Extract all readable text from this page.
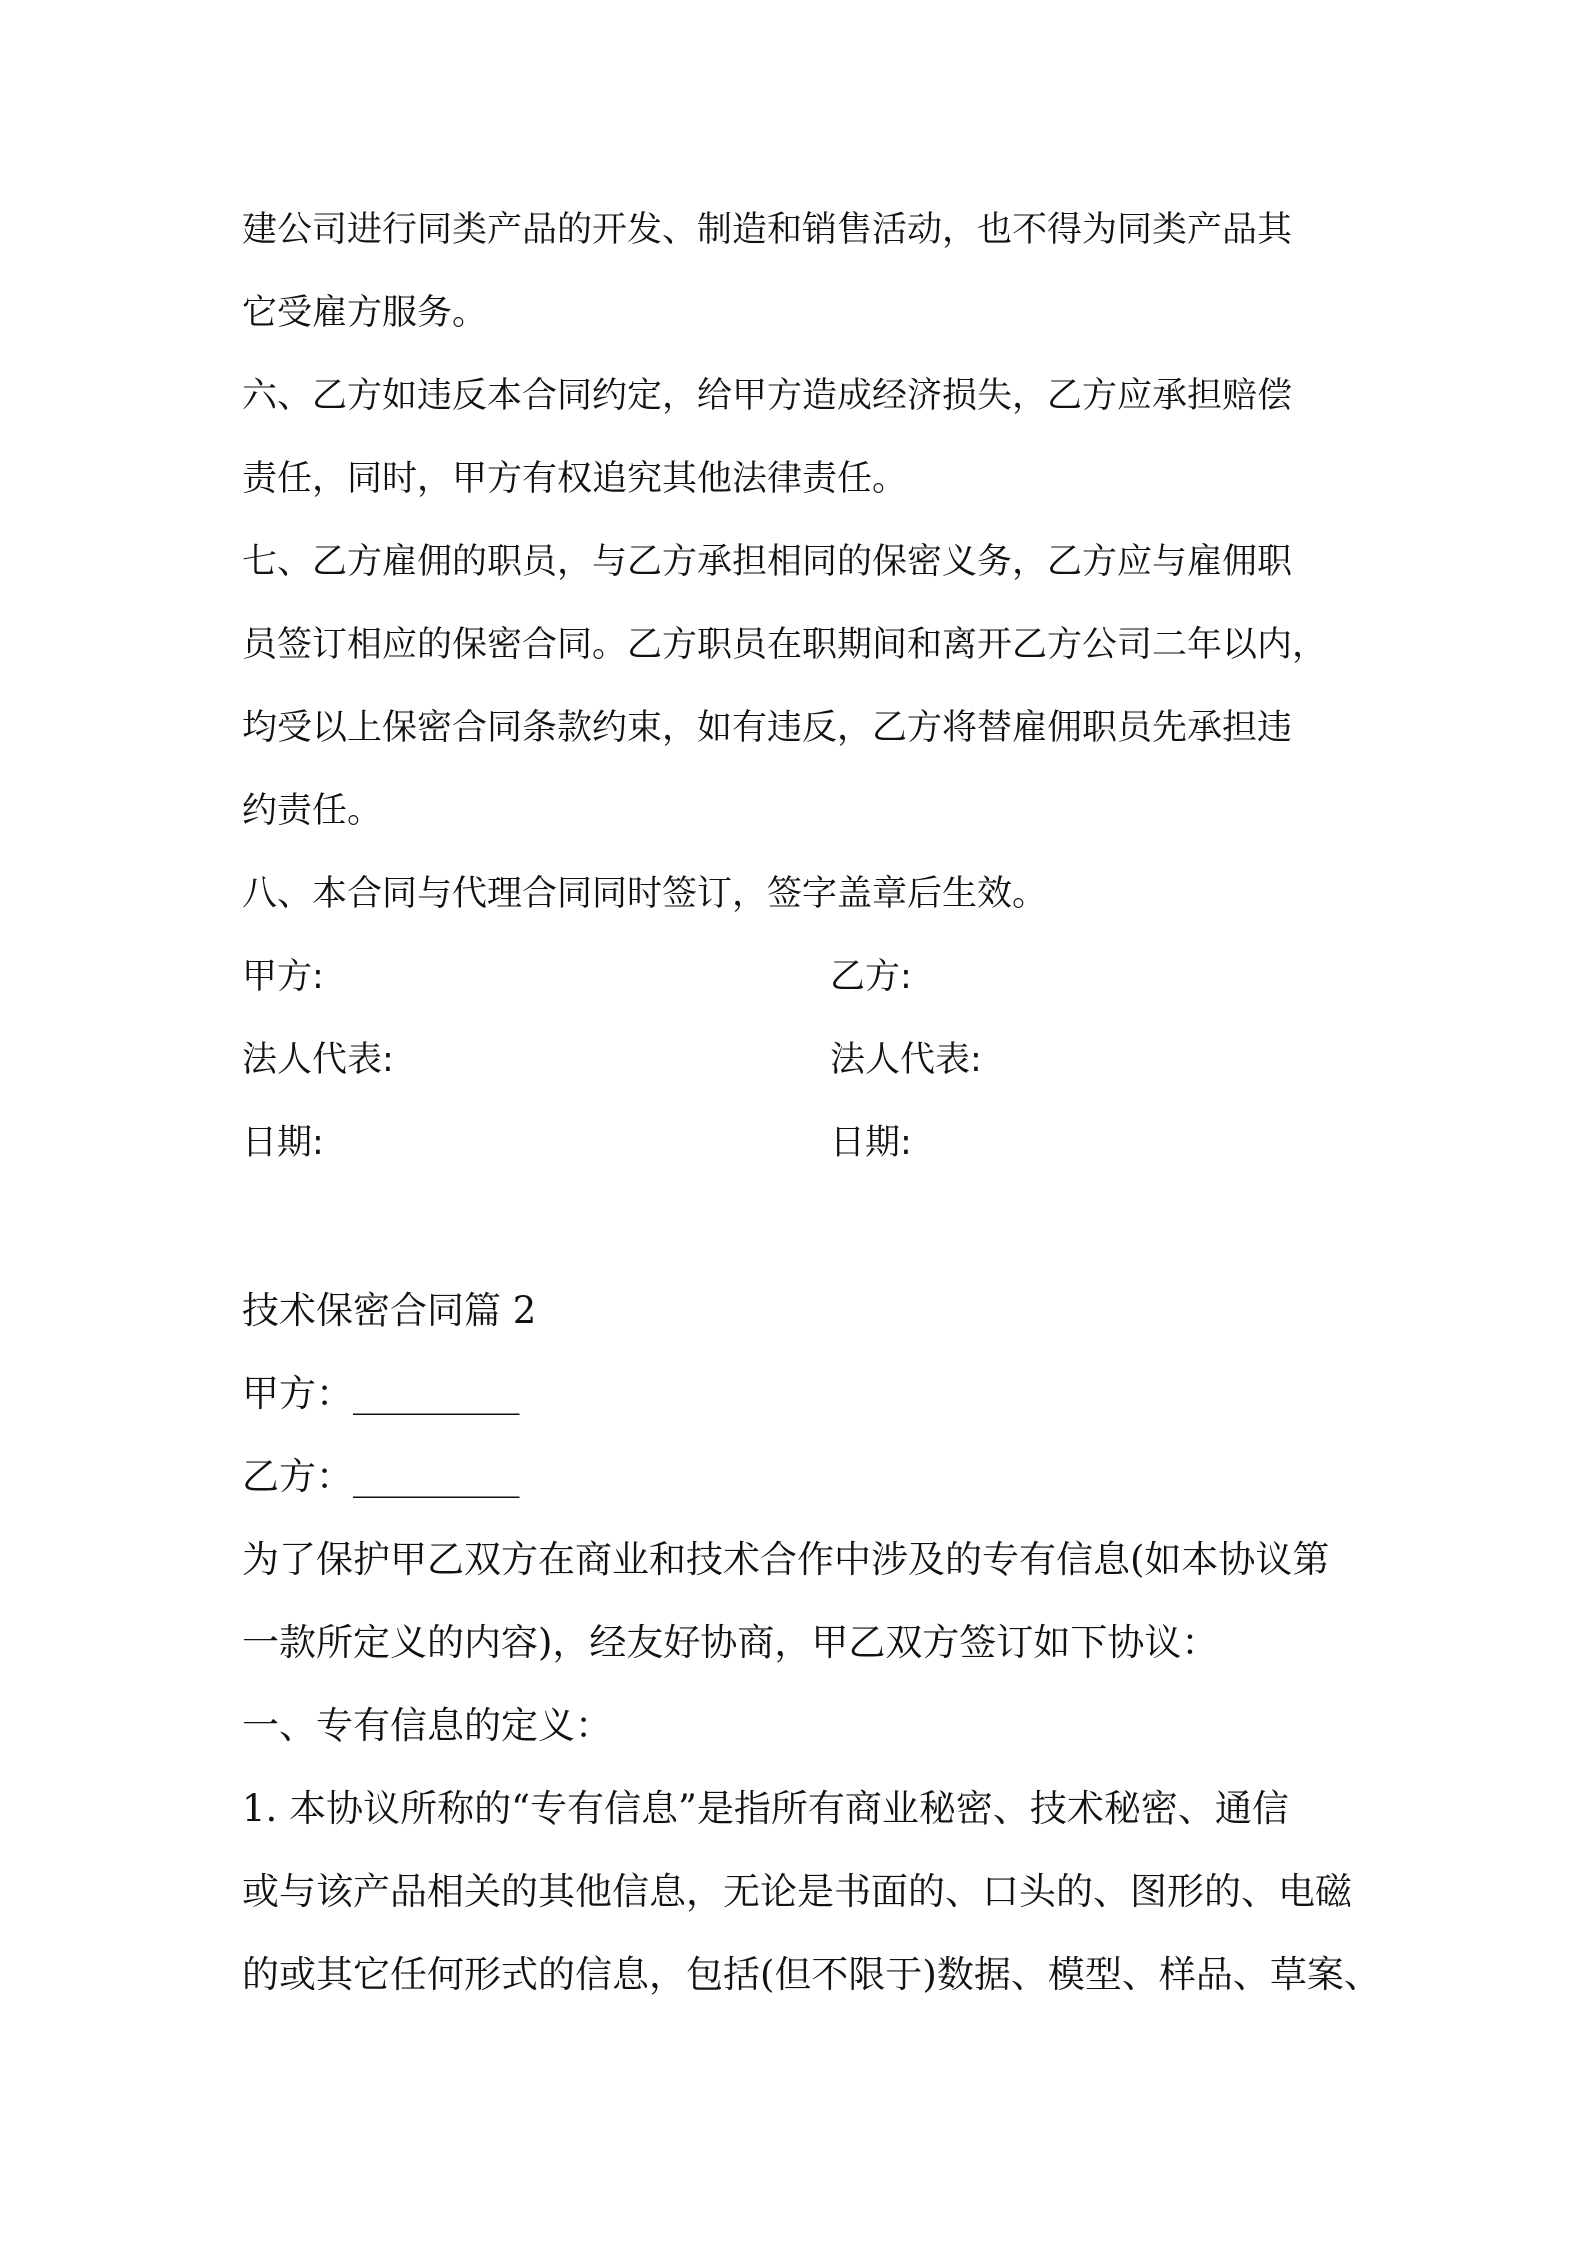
建公司进行同类产品的开发、制造和销售活动，也不得为同类产品其

它受雇方服务。

六、乙方如违反本合同约定，给甲方造成经济损失，乙方应承担赔偿

责任，同时，甲方有权追究其他法律责任。

七、乙方雇佣的职员，与乙方承担相同的保密义务，乙方应与雇佣职

员签订相应的保密合同。乙方职员在职期间和离开乙方公司二年以内，

均受以上保密合同条款约束，如有违反，乙方将替雇佣职员先承担违

约责任。

八、本合同与代理合同同时签订，签字盖章后生效。

甲方:	乙方:

法人代表:	法人代表:

日期:	日期:

技术保密合同篇 2

甲方：_________

乙方：_________

为了保护甲乙双方在商业和技术合作中涉及的专有信息(如本协议第

一款所定义的内容)，经友好协商，甲乙双方签订如下协议：

一、专有信息的定义：

1. 本协议所称的“专有信息”是指所有商业秘密、技术秘密、通信

或与该产品相关的其他信息，无论是书面的、口头的、图形的、电磁

的或其它任何形式的信息，包括(但不限于)数据、模型、样品、草案、
